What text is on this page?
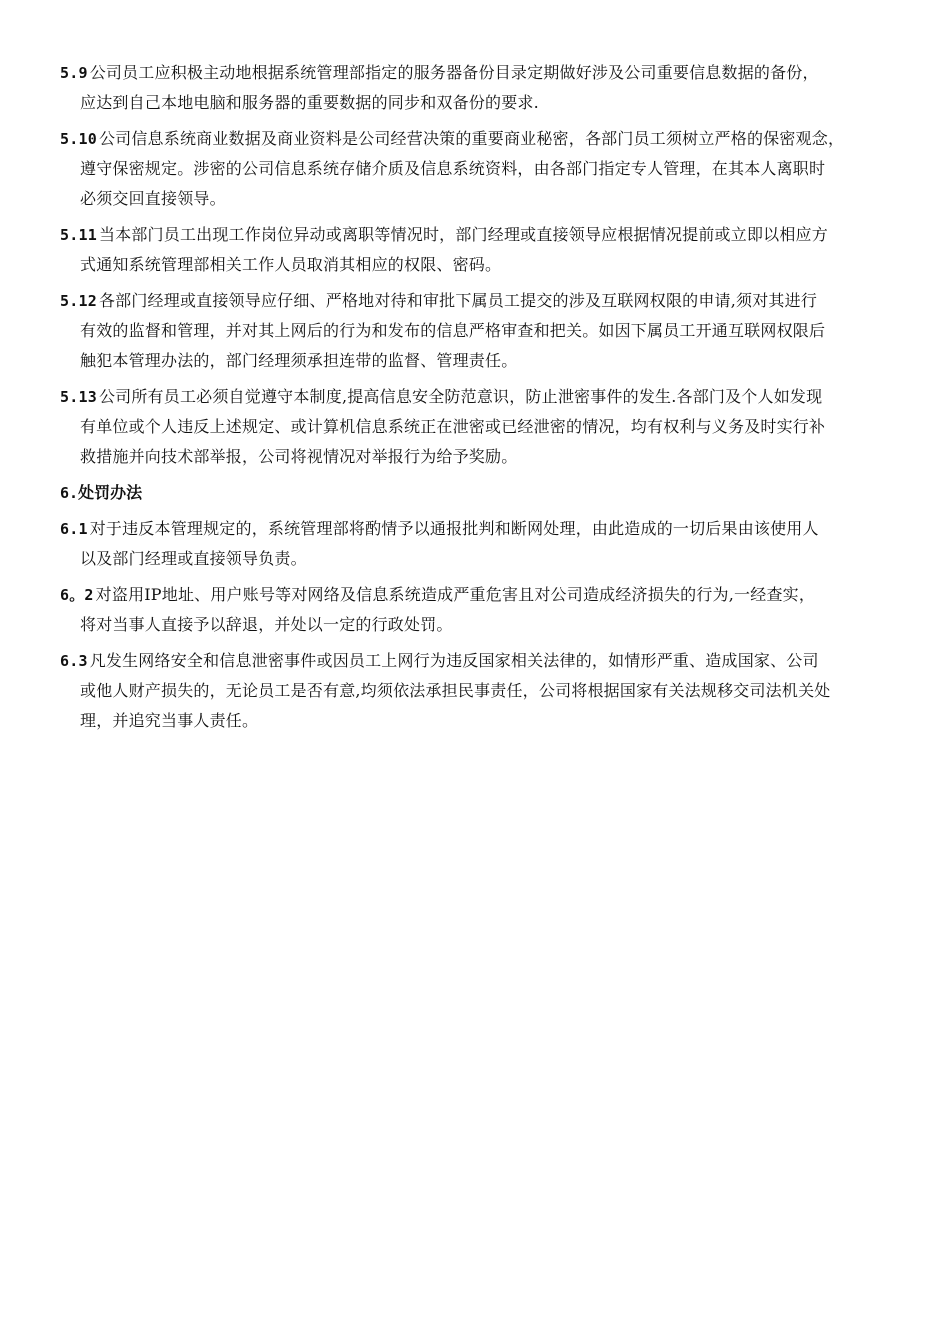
5.9 公司员工应积极主动地根据系统管理部指定的服务器备份目录定期做好涉及公司重要信息数据的备份，
应达到自己本地电脑和服务器的重要数据的同步和双备份的要求.
5.10 公司信息系统商业数据及商业资料是公司经营决策的重要商业秘密，各部门员工须树立严格的保密观念，
遵守保密规定。涉密的公司信息系统存储介质及信息系统资料，由各部门指定专人管理，在其本人离职时
必须交回直接领导。
5.11 当本部门员工出现工作岗位异动或离职等情况时，部门经理或直接领导应根据情况提前或立即以相应方
式通知系统管理部相关工作人员取消其相应的权限、密码。
5.12 各部门经理或直接领导应仔细、严格地对待和审批下属员工提交的涉及互联网权限的申请,须对其进行
有效的监督和管理，并对其上网后的行为和发布的信息严格审查和把关。如因下属员工开通互联网权限后
触犯本管理办法的，部门经理须承担连带的监督、管理责任。
5.13 公司所有员工必须自觉遵守本制度,提高信息安全防范意识，防止泄密事件的发生.各部门及个人如发现
有单位或个人违反上述规定、或计算机信息系统正在泄密或已经泄密的情况，均有权利与义务及时实行补
救措施并向技术部举报，公司将视情况对举报行为给予奖励。
6.处罚办法
6.1 对于违反本管理规定的，系统管理部将酌情予以通报批判和断网处理，由此造成的一切后果由该使用人
以及部门经理或直接领导负责。
6。2 对盗用IP地址、用户账号等对网络及信息系统造成严重危害且对公司造成经济损失的行为,一经查实，
将对当事人直接予以辞退，并处以一定的行政处罚。
6.3 凡发生网络安全和信息泄密事件或因员工上网行为违反国家相关法律的，如情形严重、造成国家、公司
或他人财产损失的，无论员工是否有意,均须依法承担民事责任，公司将根据国家有关法规移交司法机关处
理，并追究当事人责任。
